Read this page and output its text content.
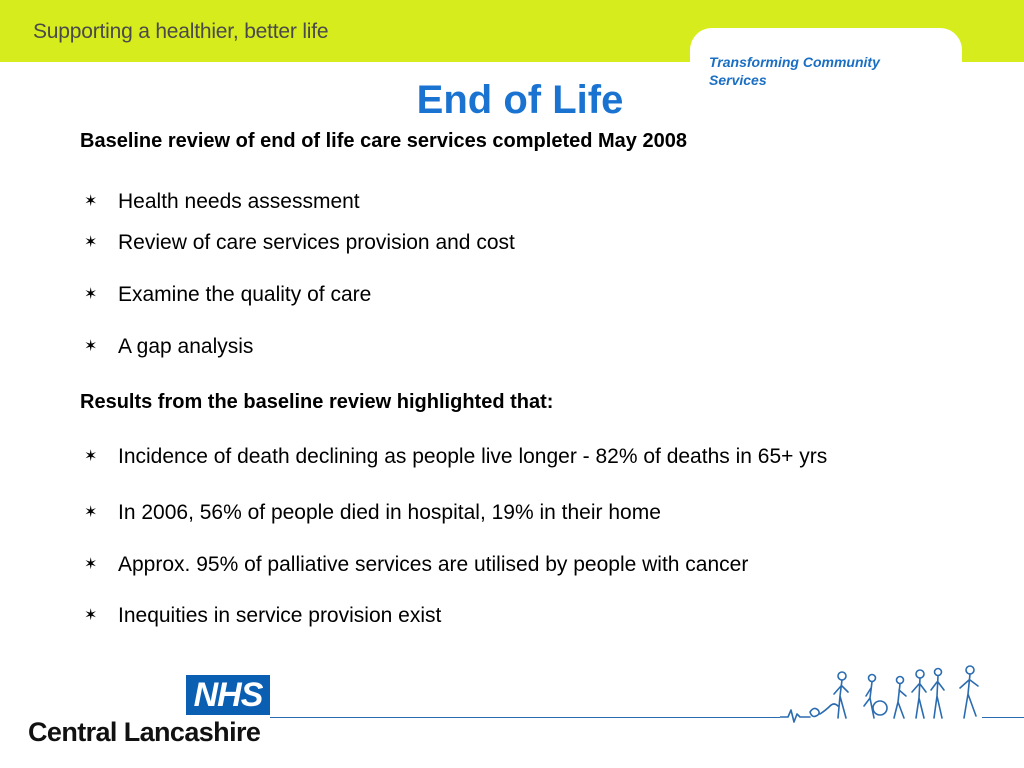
Supporting a healthier, better life
Transforming Community Services
End of Life
Baseline review of end of life care services completed May 2008
✶ Health needs assessment
✶ Review of care services provision and cost
✶ Examine the quality of care
✶ A gap analysis
Results from the baseline review highlighted that:
✶ Incidence of death declining as people live longer - 82% of deaths in 65+ yrs
✶ In 2006, 56% of people died in hospital, 19% in their home
✶ Approx. 95% of palliative services are utilised by people with cancer
✶ Inequities in service provision exist
NHS
Central Lancashire
